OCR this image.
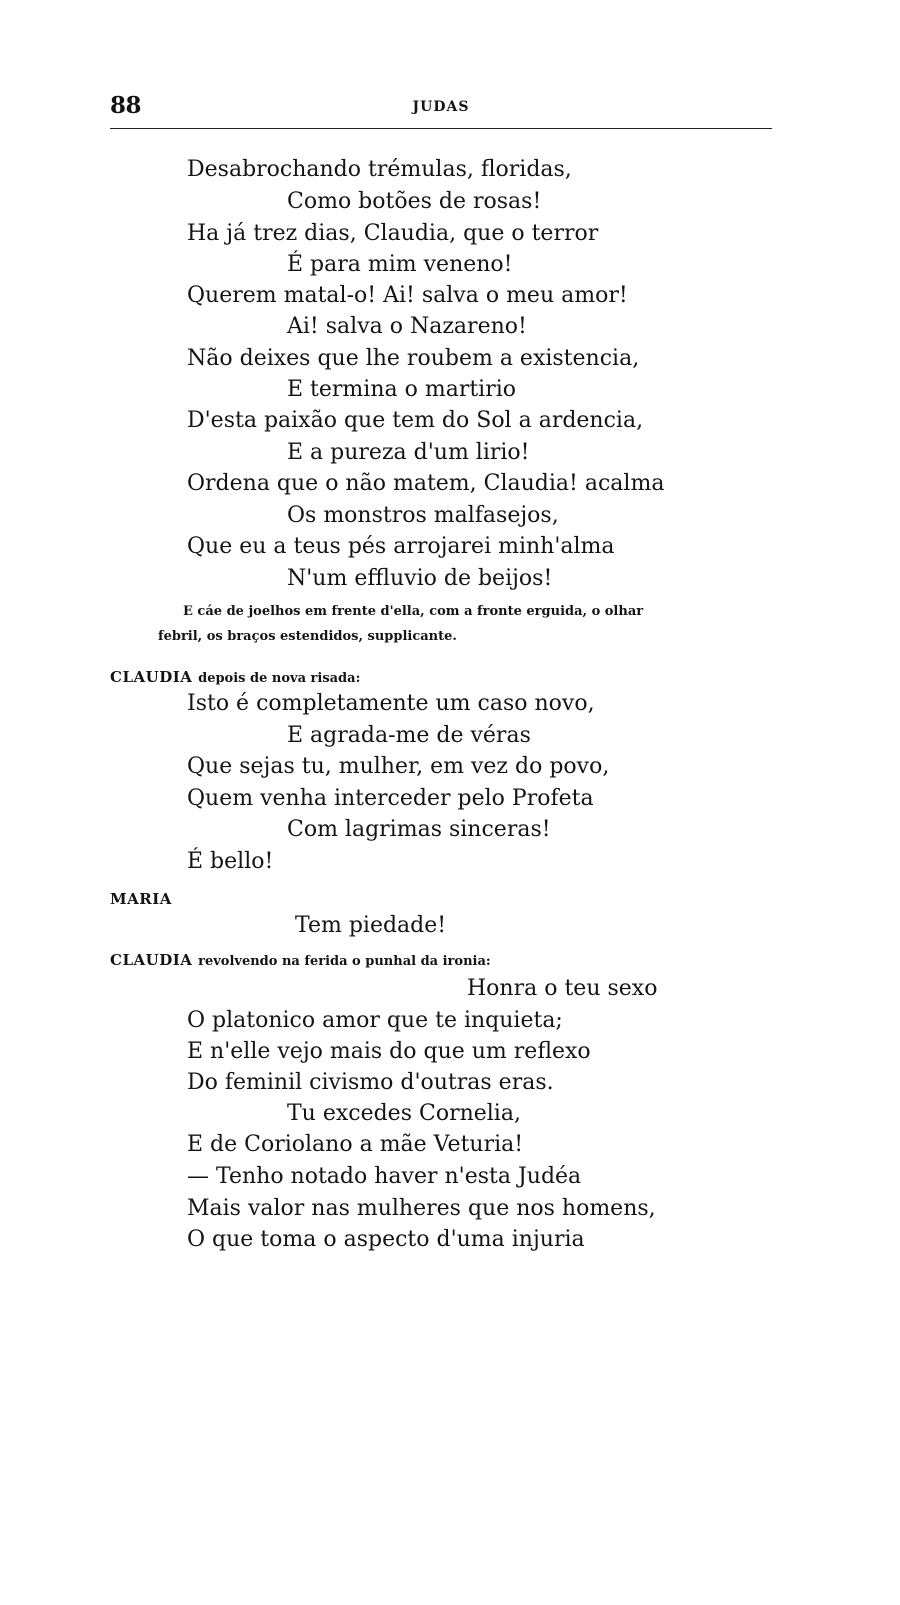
88	JUDAS
Desabrochando trémulas, floridas,
Como botões de rosas!
Ha já trez dias, Claudia, que o terror
É para mim veneno!
Querem matal-o! Ai! salva o meu amor!
Ai! salva o Nazareno!
Não deixes que lhe roubem a existencia,
E termina o martirio
D'esta paixão que tem do Sol a ardencia,
E a pureza d'um lirio!
Ordena que o não matem, Claudia! acalma
Os monstros malfasejos,
Que eu a teus pés arrojarei minh'alma
N'um effluvio de beijos!
E cáe de joelhos em frente d'ella, com a fronte erguida, o olhar
febril, os braços estendidos, supplicante.
CLAUDIA depois de nova risada:
Isto é completamente um caso novo,
E agrada-me de véras
Que sejas tu, mulher, em vez do povo,
Quem venha interceder pelo Profeta
Com lagrimas sinceras!
É bello!
MARIA
Tem piedade!
CLAUDIA revolvendo na ferida o punhal da ironia:
Honra o teu sexo
O platonico amor que te inquieta;
E n'elle vejo mais do que um reflexo
Do feminil civismo d'outras eras.
Tu excedes Cornelia,
E de Coriolano a mãe Veturia!
— Tenho notado haver n'esta Judéa
Mais valor nas mulheres que nos homens,
O que toma o aspecto d'uma injuria
